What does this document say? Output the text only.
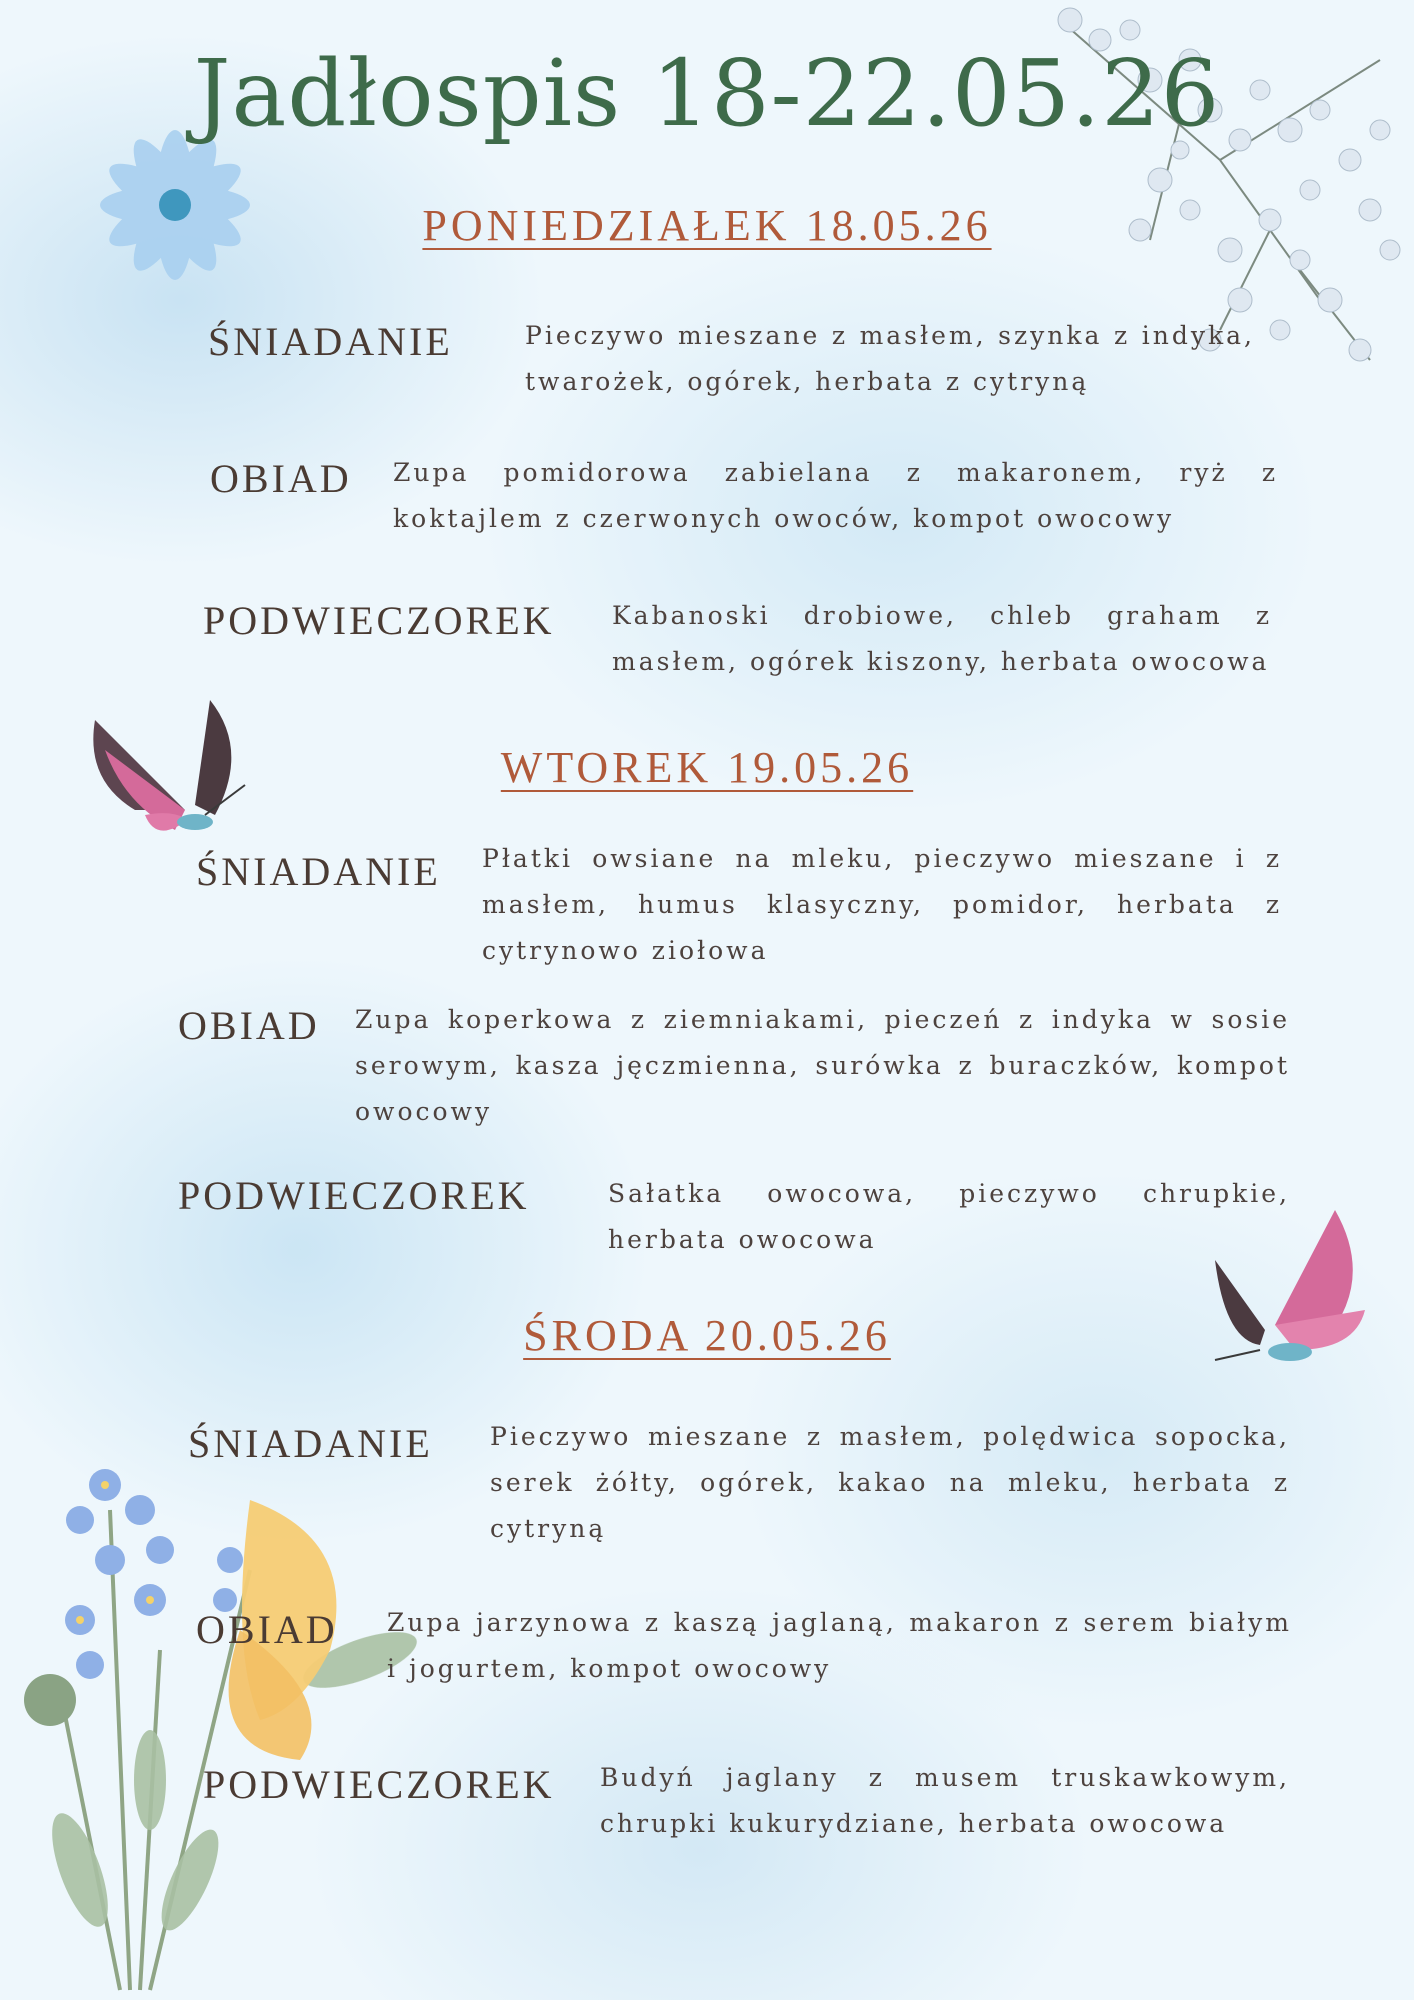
Jadłospis 18-22.05.26
PONIEDZIAŁEK 18.05.26
ŚNIADANIE	Pieczywo mieszane z masłem, szynka z indyka, twarożek, ogórek, herbata z cytryną
OBIAD Zupa pomidorowa zabielana z makaronem, ryż z koktajlem z czerwonych owoców, kompot owocowy
PODWIECZOREK Kabanoski drobiowe, chleb graham z masłem, ogórek kiszony, herbata owocowa
WTOREK 19.05.26
ŚNIADANIE Płatki owsiane na mleku, pieczywo mieszane i z masłem, humus klasyczny, pomidor, herbata z cytrynowo ziołowa
OBIAD Zupa koperkowa z ziemniakami, pieczeń z indyka w sosie serowym, kasza jęczmienna, surówka z buraczków, kompot owocowy
PODWIECZOREK	Sałatka owocowa, pieczywo chrupkie, herbata owocowa
ŚRODA 20.05.26
ŚNIADANIE Pieczywo mieszane z masłem, polędwica sopocka, serek żółty, ogórek, kakao na mleku, herbata z cytryną
OBIAD Zupa jarzynowa z kaszą jaglaną, makaron z serem białym i jogurtem, kompot owocowy
PODWIECZOREK Budyń jaglany z musem truskawkowym, chrupki kukurydziane, herbata owocowa
